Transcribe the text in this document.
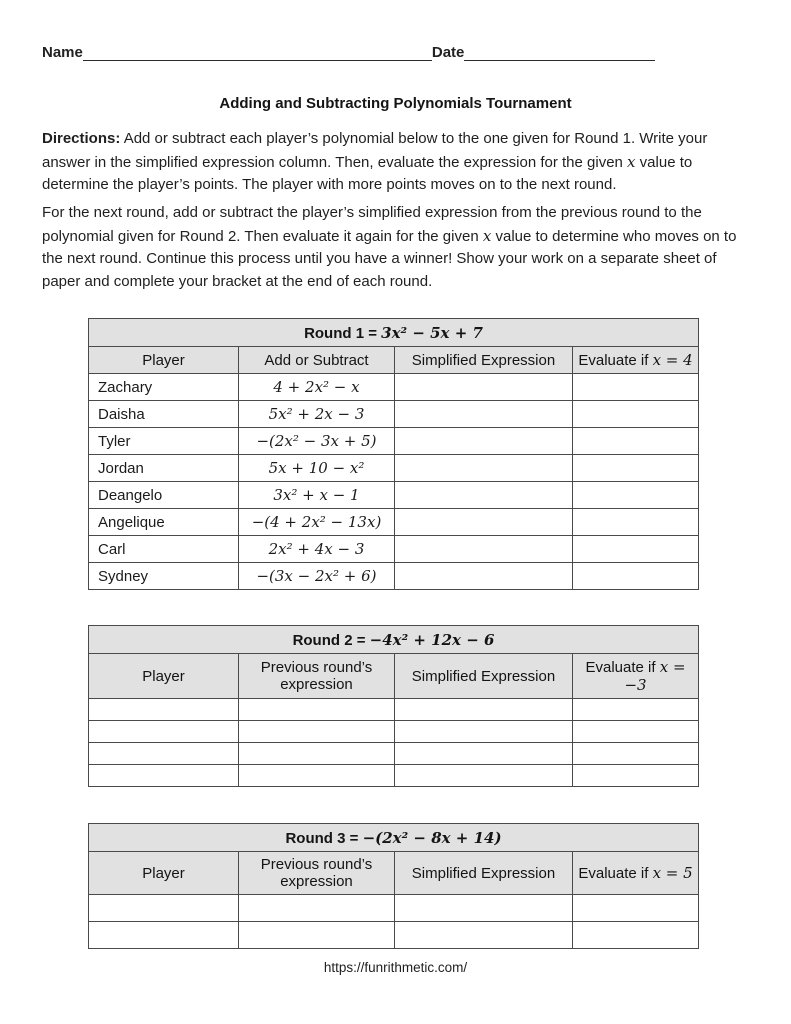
Name	Date
Adding and Subtracting Polynomials Tournament

Directions: Add or subtract each player’s polynomial below to the one given for Round 1. Write your answer in the simplified expression column. Then, evaluate the expression for the given x value to determine the player’s points. The player with more points moves on to the next round.

For the next round, add or subtract the player’s simplified expression from the previous round to the polynomial given for Round 2. Then evaluate it again for the given x value to determine who moves on to the next round. Continue this process until you have a winner! Show your work on a separate sheet of paper and complete your bracket at the end of each round.

Round 1 = 3x² − 5x + 7			
Player	Add or Subtract	Simplified Expression	Evaluate if x = 4
Zachary	4 + 2x² − x		
Daisha	5x² + 2x − 3		
Tyler	−(2x² − 3x + 5)		
Jordan	5x + 10 − x²		
Deangelo	3x² + x − 1		
Angelique	−(4 + 2x² − 13x)		
Carl	2x² + 4x − 3		
Sydney	−(3x − 2x² + 6)		
Round 2 = −4x² + 12x − 6			
Player	Previous round’s expression	Simplified Expression	Evaluate if x = −3

Round 3 = −(2x² − 8x + 14)			
Player	Previous round’s expression	Simplified Expression	Evaluate if x = 5

https://funrithmetic.com/
